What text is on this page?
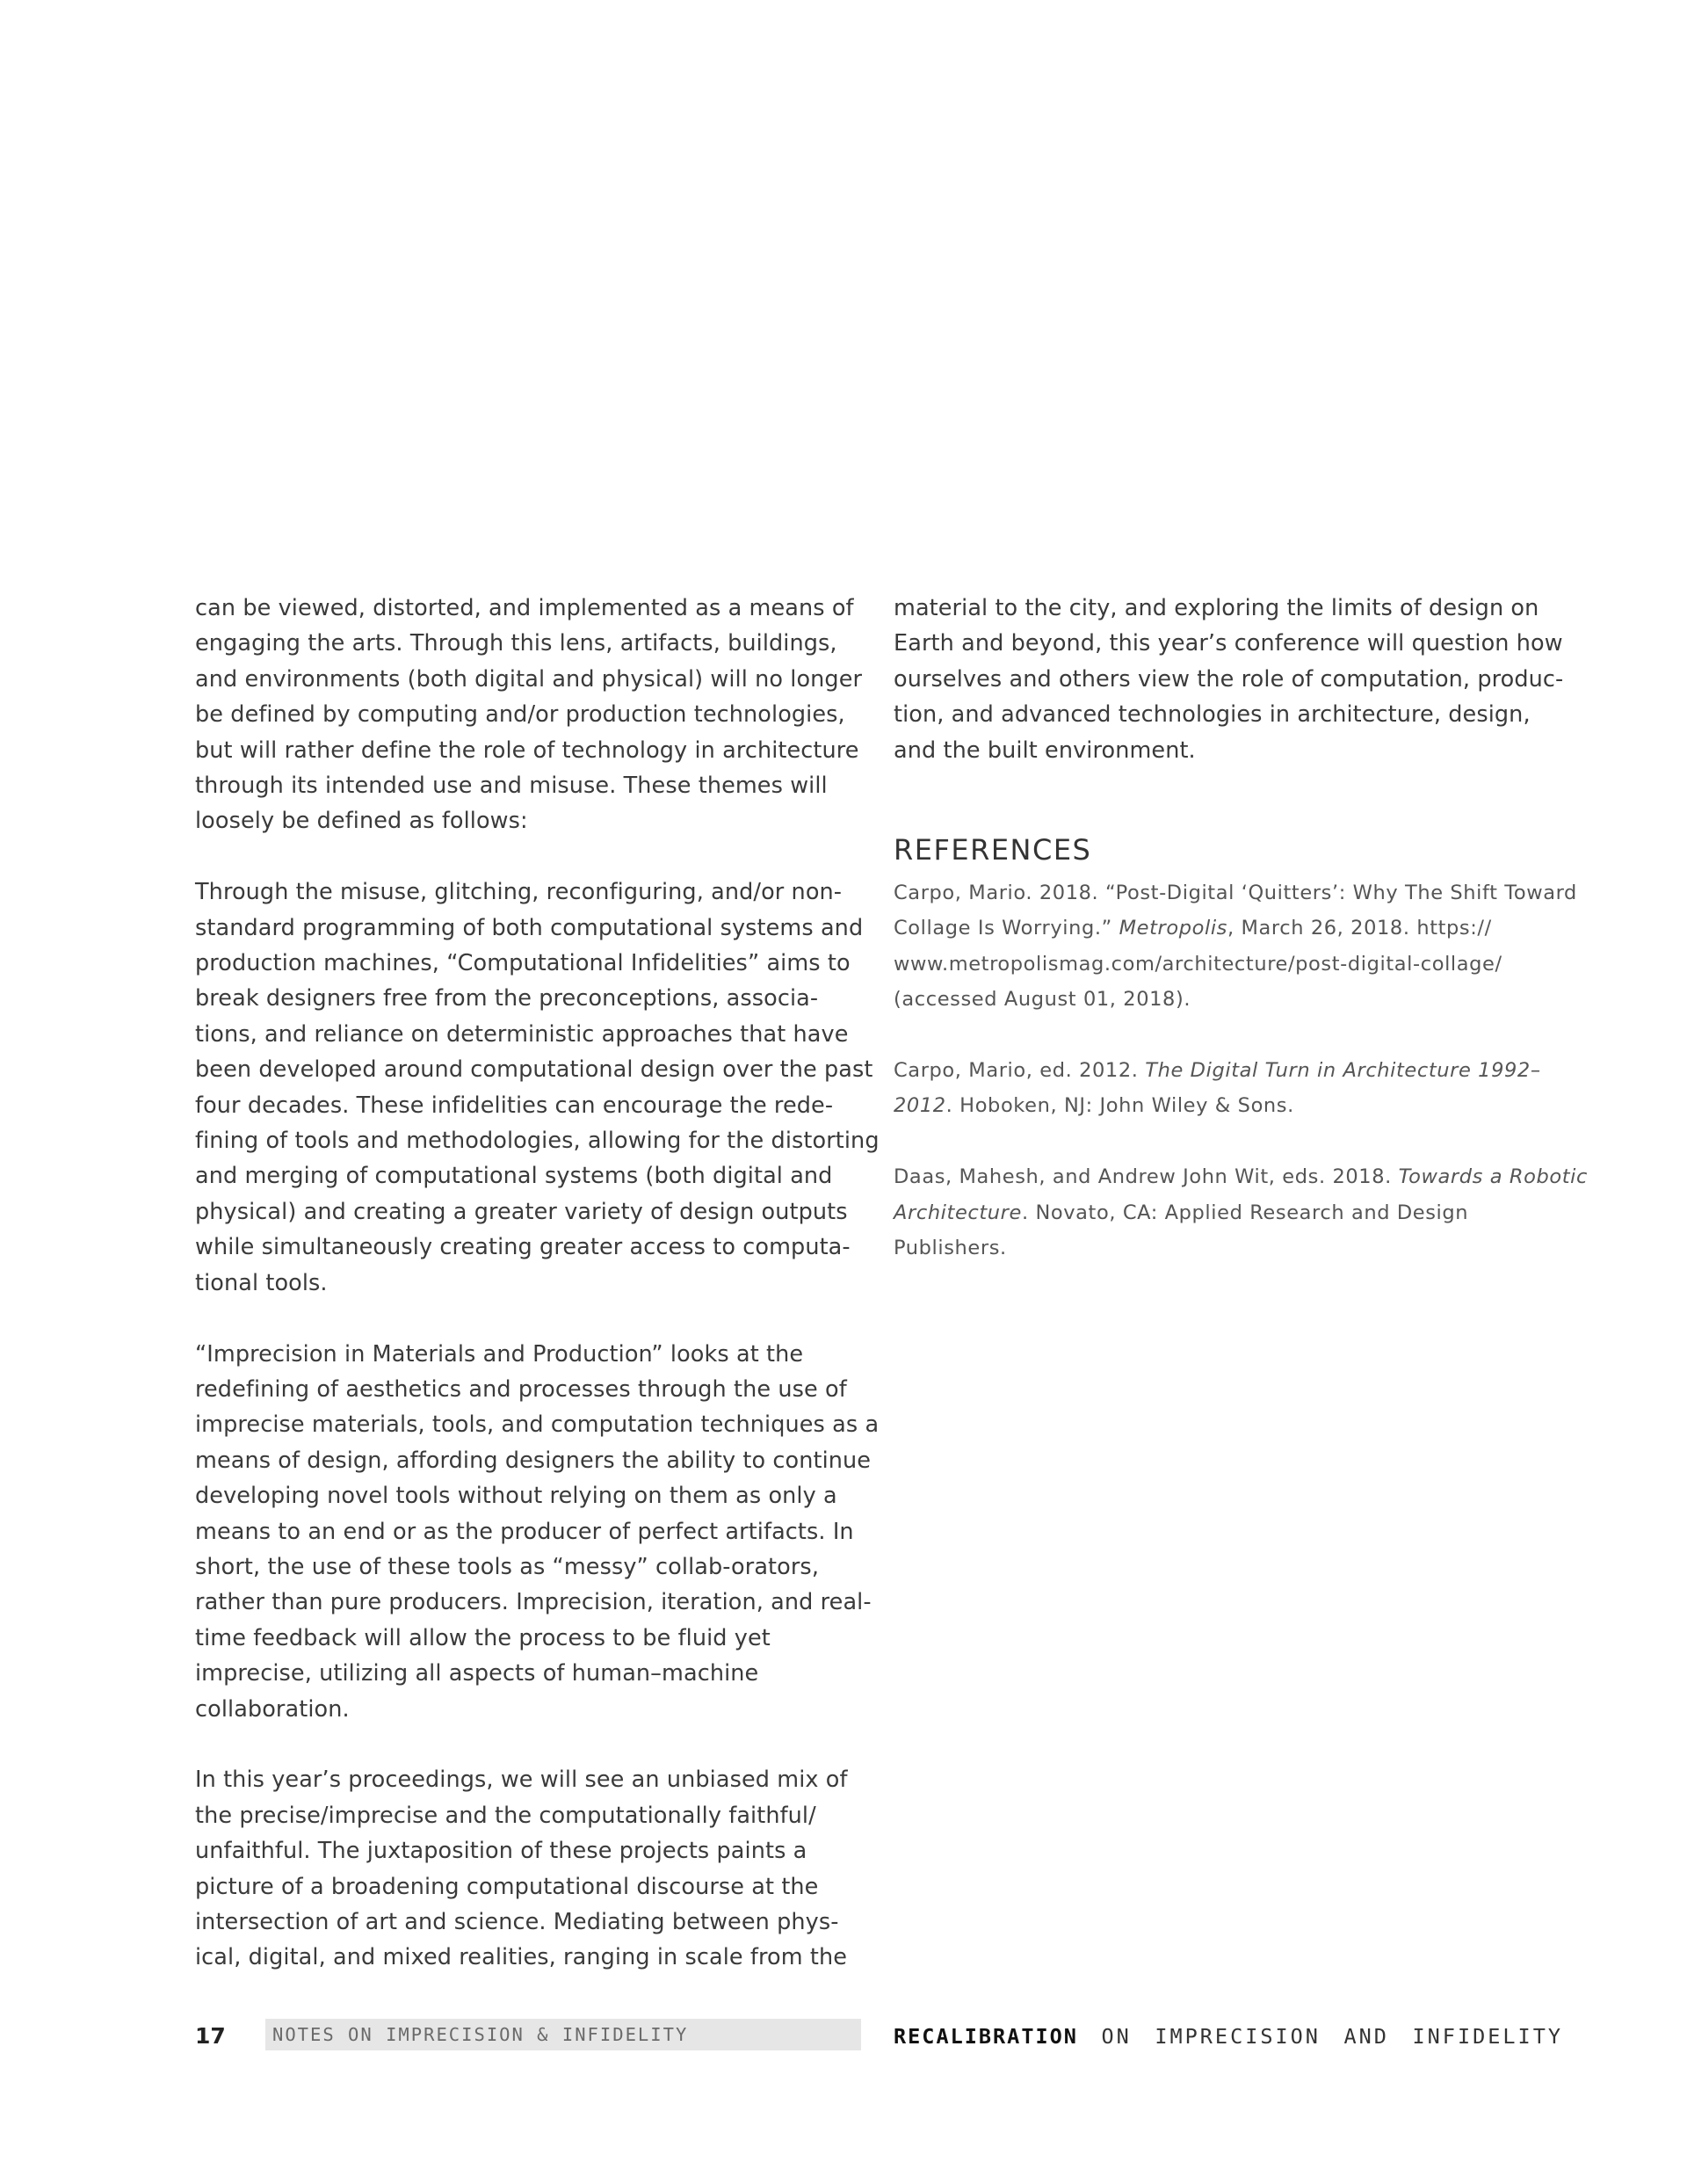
can be viewed, distorted, and implemented as a means of engaging the arts. Through this lens, artifacts, buildings, and environments (both digital and physical) will no longer be defined by computing and/or production technologies, but will rather define the role of technology in architecture through its intended use and misuse. These themes will loosely be defined as follows:

Through the misuse, glitching, reconfiguring, and/or non-standard programming of both computational systems and production machines, “Computational Infidelities” aims to break designers free from the preconceptions, associa-tions, and reliance on deterministic approaches that have been developed around computational design over the past four decades. These infidelities can encourage the rede-fining of tools and methodologies, allowing for the distorting and merging of computational systems (both digital and physical) and creating a greater variety of design outputs while simultaneously creating greater access to computa-tional tools.

“Imprecision in Materials and Production” looks at the redefining of aesthetics and processes through the use of imprecise materials, tools, and computation techniques as a means of design, affording designers the ability to continue developing novel tools without relying on them as only a means to an end or as the producer of perfect artifacts. In short, the use of these tools as “messy” collab-orators, rather than pure producers. Imprecision, iteration, and real-time feedback will allow the process to be fluid yet imprecise, utilizing all aspects of human–machine collaboration.

In this year’s proceedings, we will see an unbiased mix of the precise/imprecise and the computationally faithful/ unfaithful. The juxtaposition of these projects paints a picture of a broadening computational discourse at the intersection of art and science. Mediating between phys-ical, digital, and mixed realities, ranging in scale from the

material to the city, and exploring the limits of design on Earth and beyond, this year’s conference will question how ourselves and others view the role of computation, produc-tion, and advanced technologies in architecture, design, and the built environment.

REFERENCES

Carpo, Mario. 2018. “Post-Digital ‘Quitters’: Why The Shift Toward Collage Is Worrying.” Metropolis, March 26, 2018. https:// www.metropolismag.com/architecture/post-digital-collage/ (accessed August 01, 2018).

Carpo, Mario, ed. 2012. The Digital Turn in Architecture 1992–2012. Hoboken, NJ: John Wiley & Sons.

Daas, Mahesh, and Andrew John Wit, eds. 2018. Towards a Robotic Architecture. Novato, CA: Applied Research and Design Publishers.

17	NOTES ON IMPRECISION & INFIDELITY	RECALIBRATION ON IMPRECISION AND INFIDELITY
